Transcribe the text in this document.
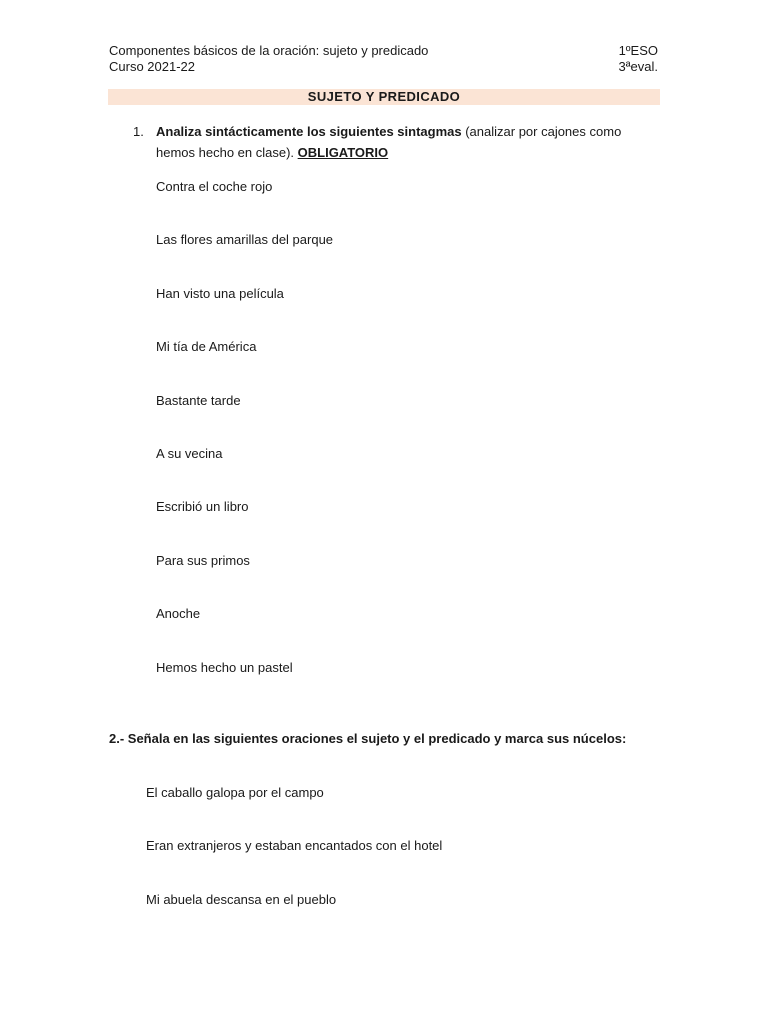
Componentes básicos de la oración: sujeto y predicado
Curso 2021-22
1ºESO
3ªeval.
SUJETO Y PREDICADO
1. Analiza sintácticamente los siguientes sintagmas (analizar por cajones como hemos hecho en clase). OBLIGATORIO
Contra el coche rojo
Las flores amarillas del parque
Han visto una película
Mi tía de América
Bastante tarde
A su vecina
Escribió un libro
Para sus primos
Anoche
Hemos hecho un pastel
2.- Señala en las siguientes oraciones el sujeto y el predicado y marca sus núcelos:
El caballo galopa por el campo
Eran extranjeros y estaban encantados con el hotel
Mi abuela descansa en el pueblo
